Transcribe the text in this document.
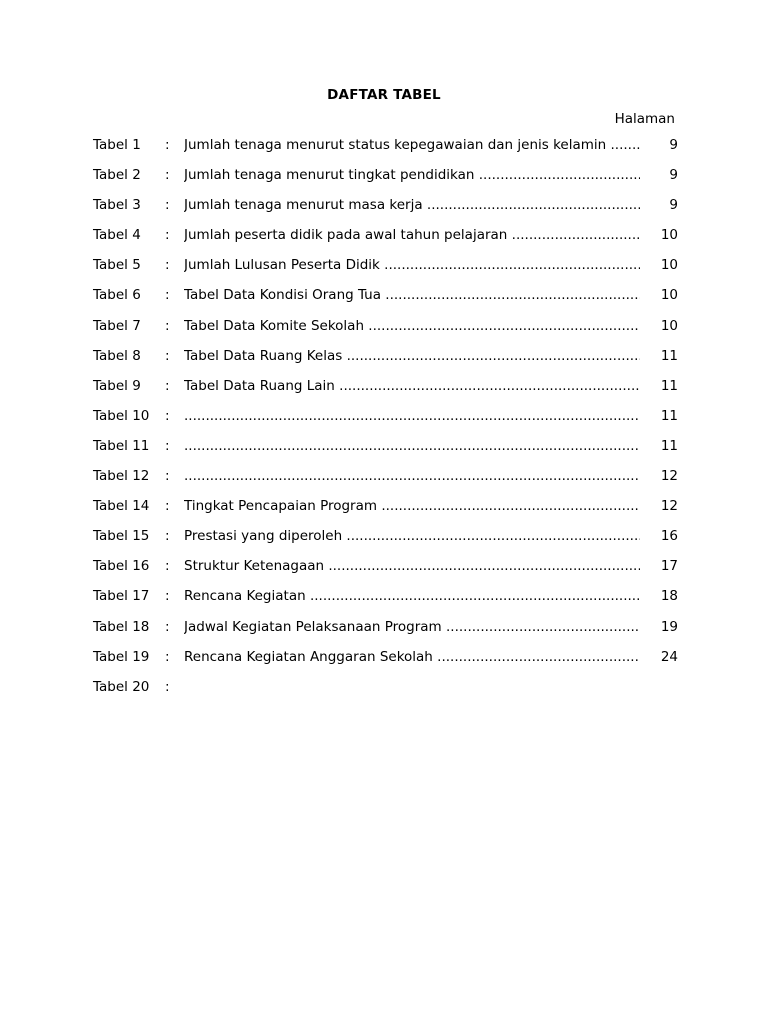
DAFTAR TABEL
Halaman
Tabel 1 : Jumlah tenaga menurut status kepegawaian dan jenis kelamin .....	9
Tabel 2 : Jumlah tenaga menurut tingkat pendidikan .....	9
Tabel 3 : Jumlah tenaga menurut masa kerja .....	9
Tabel 4 : Jumlah peserta didik pada awal tahun pelajaran .....	10
Tabel 5 : Jumlah Lulusan Peserta Didik .....	10
Tabel 6 : Tabel Data Kondisi Orang Tua .....	10
Tabel 7 : Tabel Data Komite Sekolah .....	10
Tabel 8 : Tabel Data Ruang Kelas .....	11
Tabel 9 : Tabel Data Ruang Lain .....	11
Tabel 10 : .....	11
Tabel 11 : .....	11
Tabel 12 : .....	12
Tabel 14 : Tingkat Pencapaian Program .....	12
Tabel 15 : Prestasi yang diperoleh .....	16
Tabel 16 : Struktur Ketenagaan .....	17
Tabel 17 : Rencana Kegiatan .....	18
Tabel 18 : Jadwal Kegiatan Pelaksanaan Program .....	19
Tabel 19 : Rencana Kegiatan Anggaran Sekolah .....	24
Tabel 20 :
